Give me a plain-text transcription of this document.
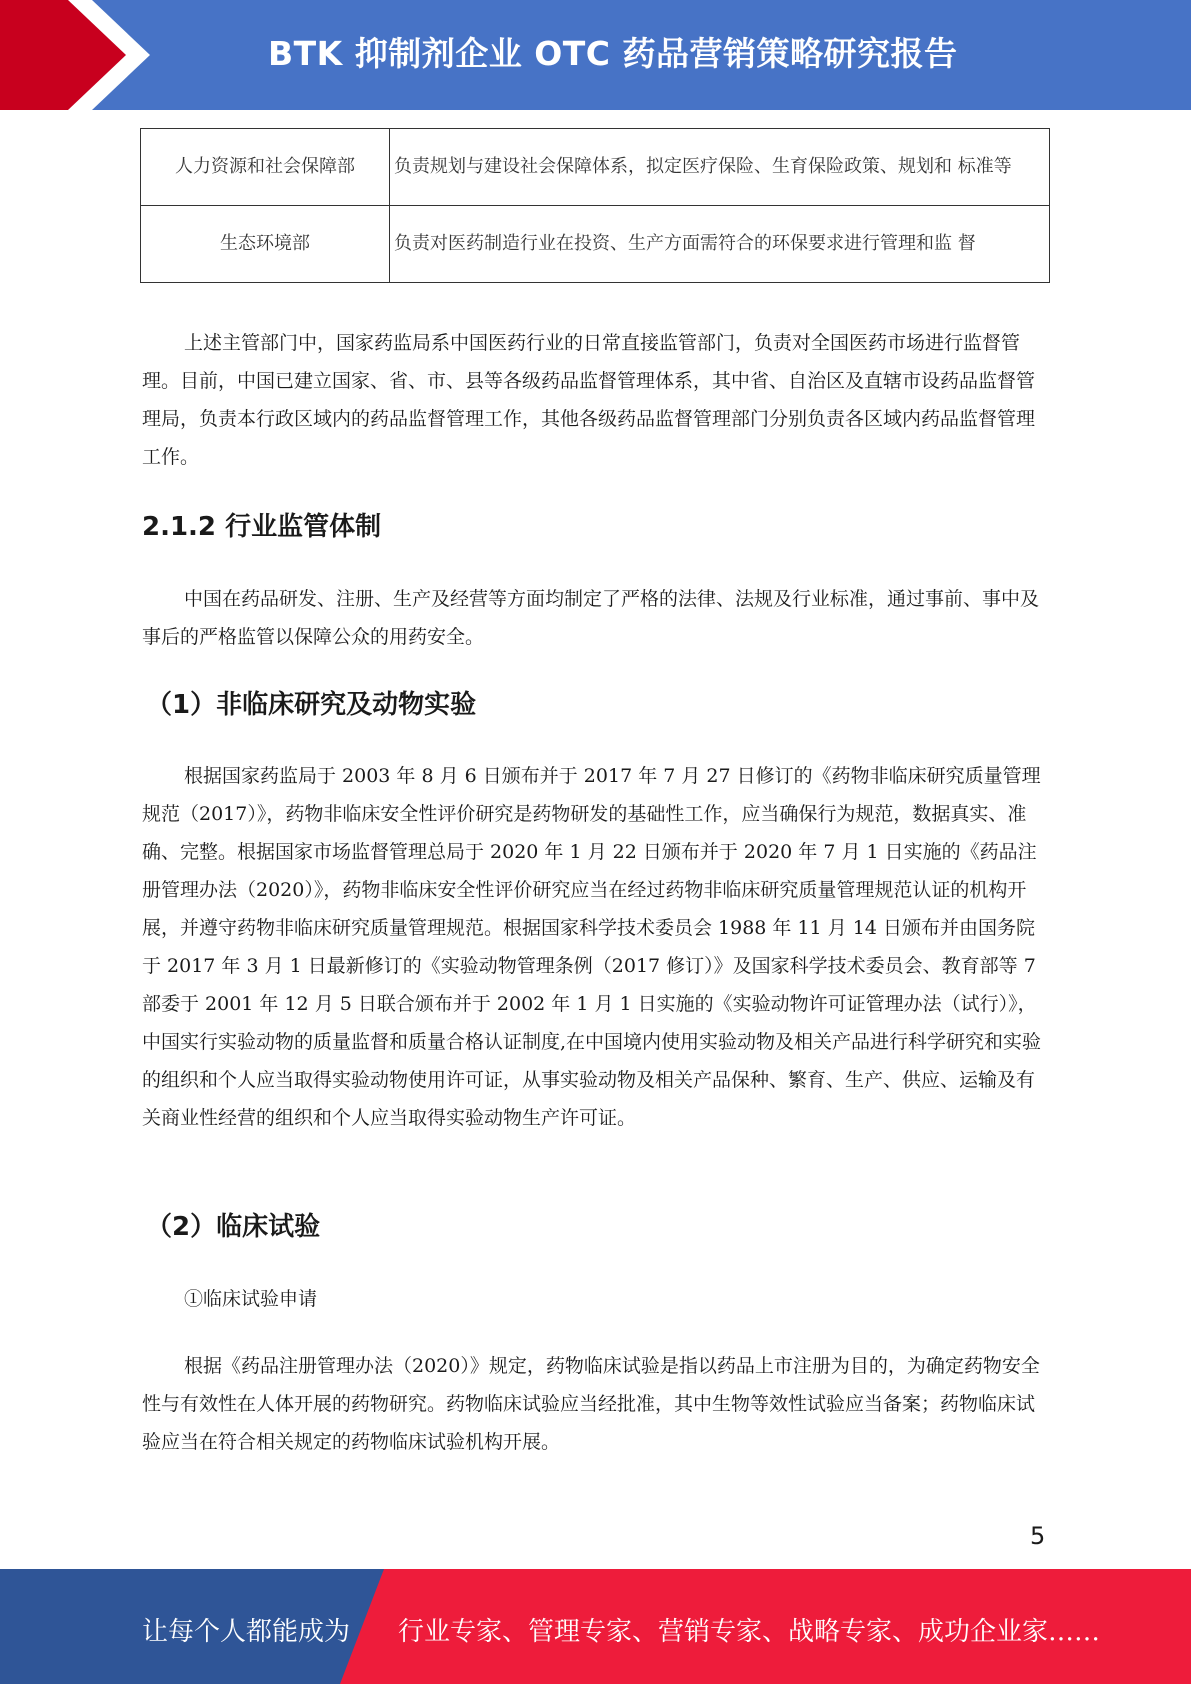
BTK 抑制剂企业 OTC 药品营销策略研究报告
人力资源和社会保障部	负责规划与建设社会保障体系，拟定医疗保险、生育保险政策、规划和 标准等
生态环境部	负责对医药制造行业在投资、生产方面需符合的环保要求进行管理和监 督

上述主管部门中，国家药监局系中国医药行业的日常直接监管部门，负责对全国医药市场进行监督管理。目前，中国已建立国家、省、市、县等各级药品监督管理体系，其中省、自治区及直辖市设药品监督管理局，负责本行政区域内的药品监督管理工作，其他各级药品监督管理部门分别负责各区域内药品监督管理工作。

2.1.2 行业监管体制

中国在药品研发、注册、生产及经营等方面均制定了严格的法律、法规及行业标准，通过事前、事中及事后的严格监管以保障公众的用药安全。

（1）非临床研究及动物实验

根据国家药监局于 2003 年 8 月 6 日颁布并于 2017 年 7 月 27 日修订的《药物非临床研究质量管理规范（2017）》，药物非临床安全性评价研究是药物研发的基础性工作，应当确保行为规范，数据真实、准确、完整。根据国家市场监督管理总局于 2020 年 1 月 22 日颁布并于 2020 年 7 月 1 日实施的《药品注册管理办法（2020）》，药物非临床安全性评价研究应当在经过药物非临床研究质量管理规范认证的机构开展，并遵守药物非临床研究质量管理规范。根据国家科学技术委员会 1988 年 11 月 14 日颁布并由国务院于 2017 年 3 月 1 日最新修订的《实验动物管理条例（2017 修订）》及国家科学技术委员会、教育部等 7 部委于 2001 年 12 月 5 日联合颁布并于 2002 年 1 月 1 日实施的《实验动物许可证管理办法（试行）》，中国实行实验动物的质量监督和质量合格认证制度,在中国境内使用实验动物及相关产品进行科学研究和实验的组织和个人应当取得实验动物使用许可证，从事实验动物及相关产品保种、繁育、生产、供应、运输及有关商业性经营的组织和个人应当取得实验动物生产许可证。

（2）临床试验

①临床试验申请

根据《药品注册管理办法（2020）》规定，药物临床试验是指以药品上市注册为目的，为确定药物安全性与有效性在人体开展的药物研究。药物临床试验应当经批准，其中生物等效性试验应当备案；药物临床试验应当在符合相关规定的药物临床试验机构开展。

5
让每个人都能成为 行业专家、管理专家、营销专家、战略专家、成功企业家……
